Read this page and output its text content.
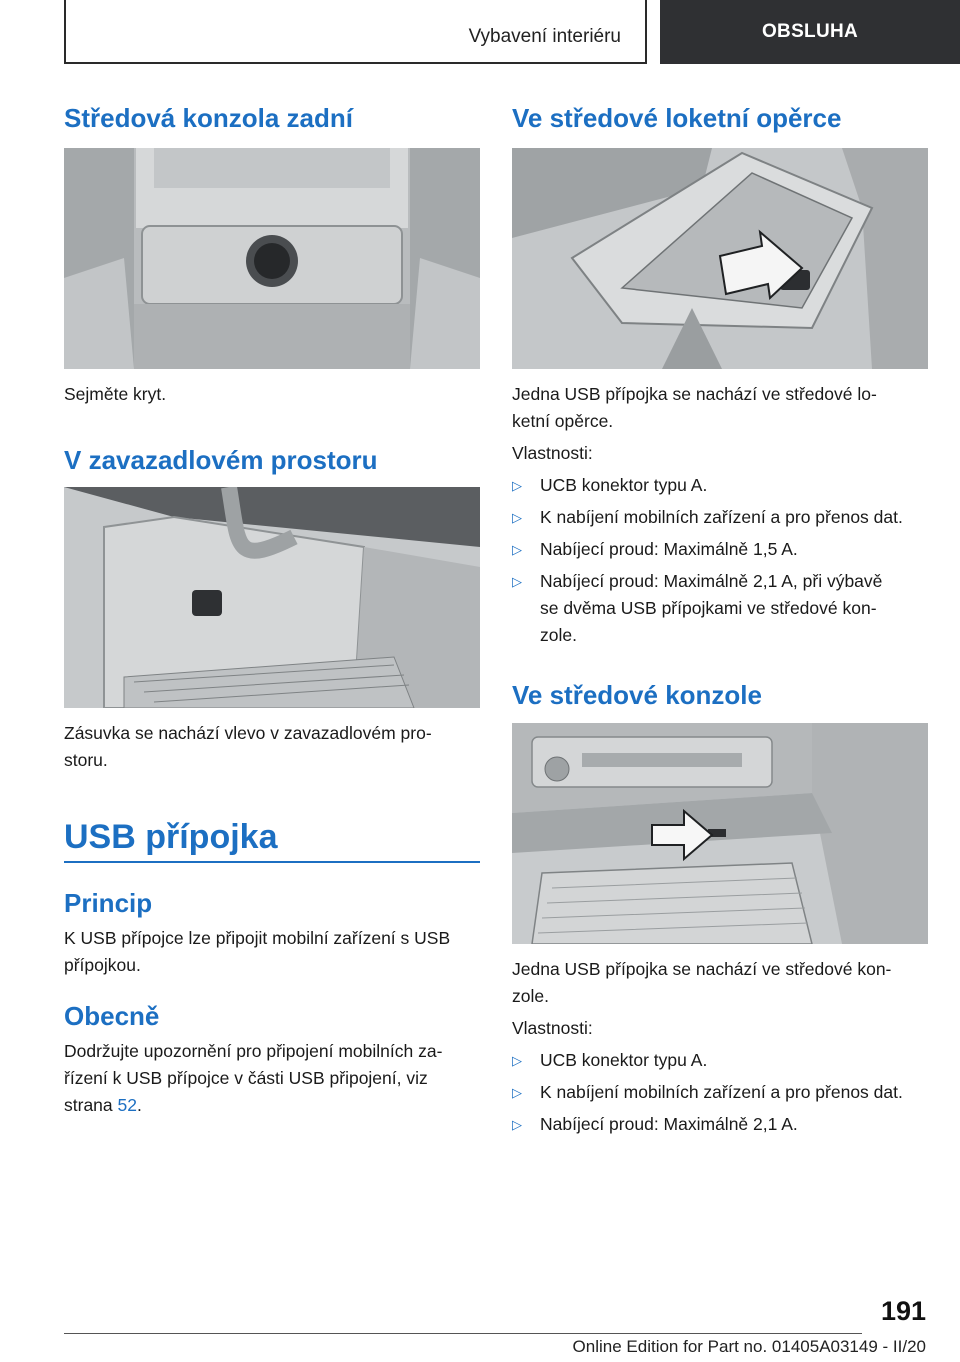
Vybavení interiéru	OBSLUHA
Středová konzola zadní
Sejměte kryt.
V zavazadlovém prostoru
Zásuvka se nachází vlevo v zavazadlovém pro-
storu.
USB přípojka
Princip
K USB přípojce lze připojit mobilní zařízení s USB
přípojkou.
Obecně
Dodržujte upozornění pro připojení mobilních za-
řízení k USB přípojce v části USB připojení, viz
strana 52.
Ve středové loketní opěrce
Jedna USB přípojka se nachází ve středové lo-
ketní opěrce.
Vlastnosti:
▷ UCB konektor typu A.
▷ K nabíjení mobilních zařízení a pro přenos dat.
▷ Nabíjecí proud: Maximálně 1,5 A.
▷ Nabíjecí proud: Maximálně 2,1 A, při výbavě
se dvěma USB přípojkami ve středové kon-
zole.
Ve středové konzole
Jedna USB přípojka se nachází ve středové kon-
zole.
Vlastnosti:
▷ UCB konektor typu A.
▷ K nabíjení mobilních zařízení a pro přenos dat.
▷ Nabíjecí proud: Maximálně 2,1 A.
191
Online Edition for Part no. 01405A03149 - II/20
